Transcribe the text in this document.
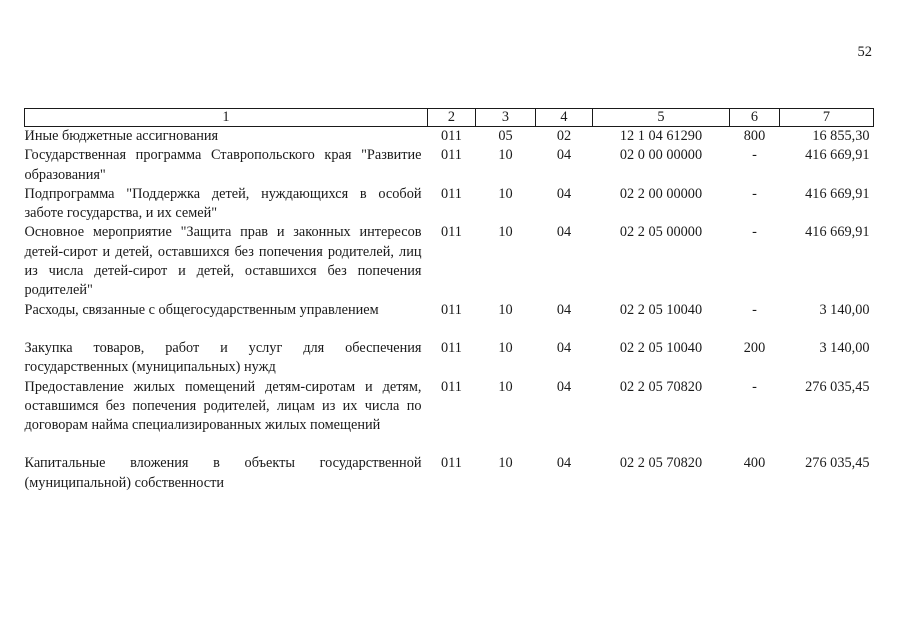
52
1	2	3	4	5	6	7
Иные бюджетные ассигнования	011	05	02	12 1 04 61290	800	16 855,30
Государственная программа Ставропольского края "Развитие образования"	011	10	04	02 0 00 00000	-	416 669,91
Подпрограмма "Поддержка детей, нуждающихся в особой заботе государства, и их семей"	011	10	04	02 2 00 00000	-	416 669,91
Основное мероприятие "Защита прав и законных интересов детей-сирот и детей, оставшихся без попечения родителей, лиц из числа детей-сирот и детей, оставшихся без попечения родителей"	011	10	04	02 2 05 00000	-	416 669,91
Расходы, связанные с общегосударственным управлением	011	10	04	02 2 05 10040	-	3 140,00

Закупка товаров, работ и услуг для обеспечения государственных (муниципальных) нужд	011	10	04	02 2 05 10040	200	3 140,00
Предоставление жилых помещений детям-сиротам и детям, оставшимся без попечения родителей, лицам из их числа по договорам найма специализированных жилых помещений	011	10	04	02 2 05 70820	-	276 035,45

Капитальные вложения в объекты государственной (муниципальной) собственности	011	10	04	02 2 05 70820	400	276 035,45
